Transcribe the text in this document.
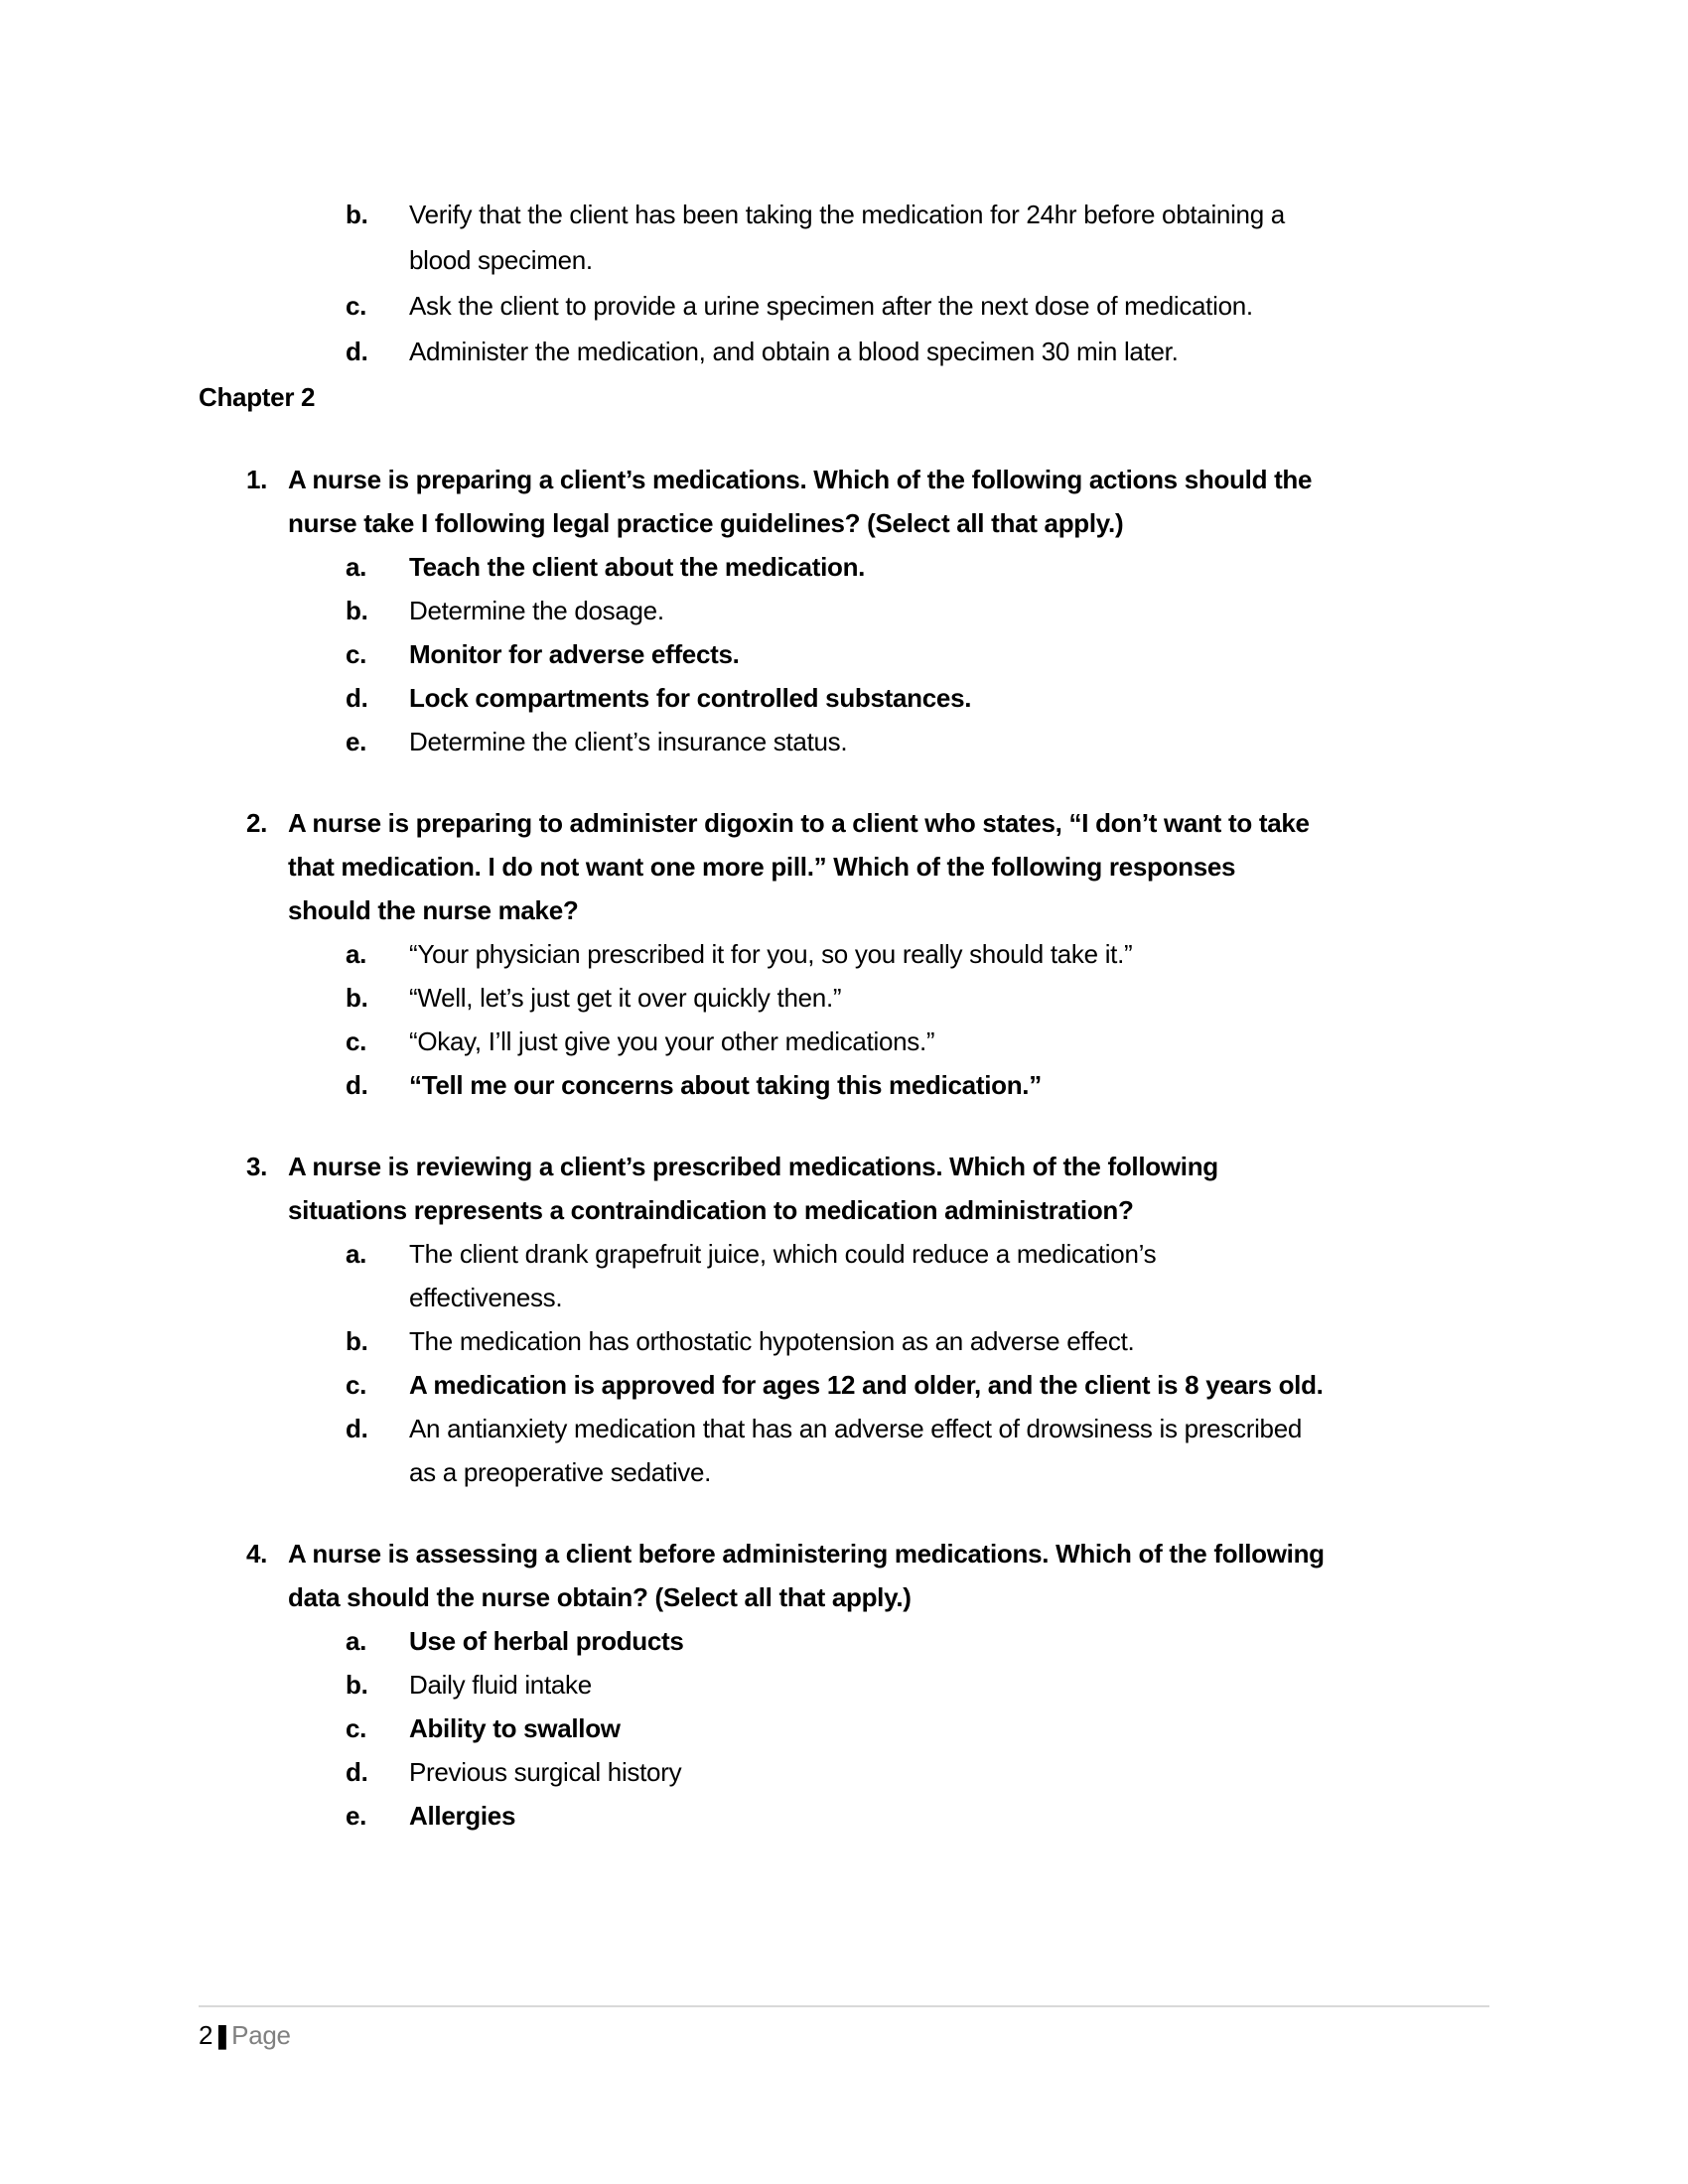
b.	Verify that the client has been taking the medication for 24hr before obtaining a
blood specimen.
c.	Ask the client to provide a urine specimen after the next dose of medication.
d.	Administer the medication, and obtain a blood specimen 30 min later.
Chapter 2
1. A nurse is preparing a client’s medications. Which of the following actions should the
nurse take I following legal practice guidelines? (Select all that apply.)
a.	Teach the client about the medication.
b.	Determine the dosage.
c.	Monitor for adverse effects.
d.	Lock compartments for controlled substances.
e.	Determine the client’s insurance status.
2. A nurse is preparing to administer digoxin to a client who states, “I don’t want to take
that medication. I do not want one more pill.” Which of the following responses
should the nurse make?
a.	“Your physician prescribed it for you, so you really should take it.”
b.	“Well, let’s just get it over quickly then.”
c.	“Okay, I’ll just give you your other medications.”
d.	“Tell me our concerns about taking this medication.”
3. A nurse is reviewing a client’s prescribed medications. Which of the following
situations represents a contraindication to medication administration?
a.	The client drank grapefruit juice, which could reduce a medication’s
effectiveness.
b.	The medication has orthostatic hypotension as an adverse effect.
c.	A medication is approved for ages 12 and older, and the client is 8 years old.
d.	An antianxiety medication that has an adverse effect of drowsiness is prescribed
as a preoperative sedative.
4. A nurse is assessing a client before administering medications. Which of the following
data should the nurse obtain? (Select all that apply.)
a.	Use of herbal products
b.	Daily fluid intake
c.	Ability to swallow
d.	Previous surgical history
e.	Allergies
2|Page
